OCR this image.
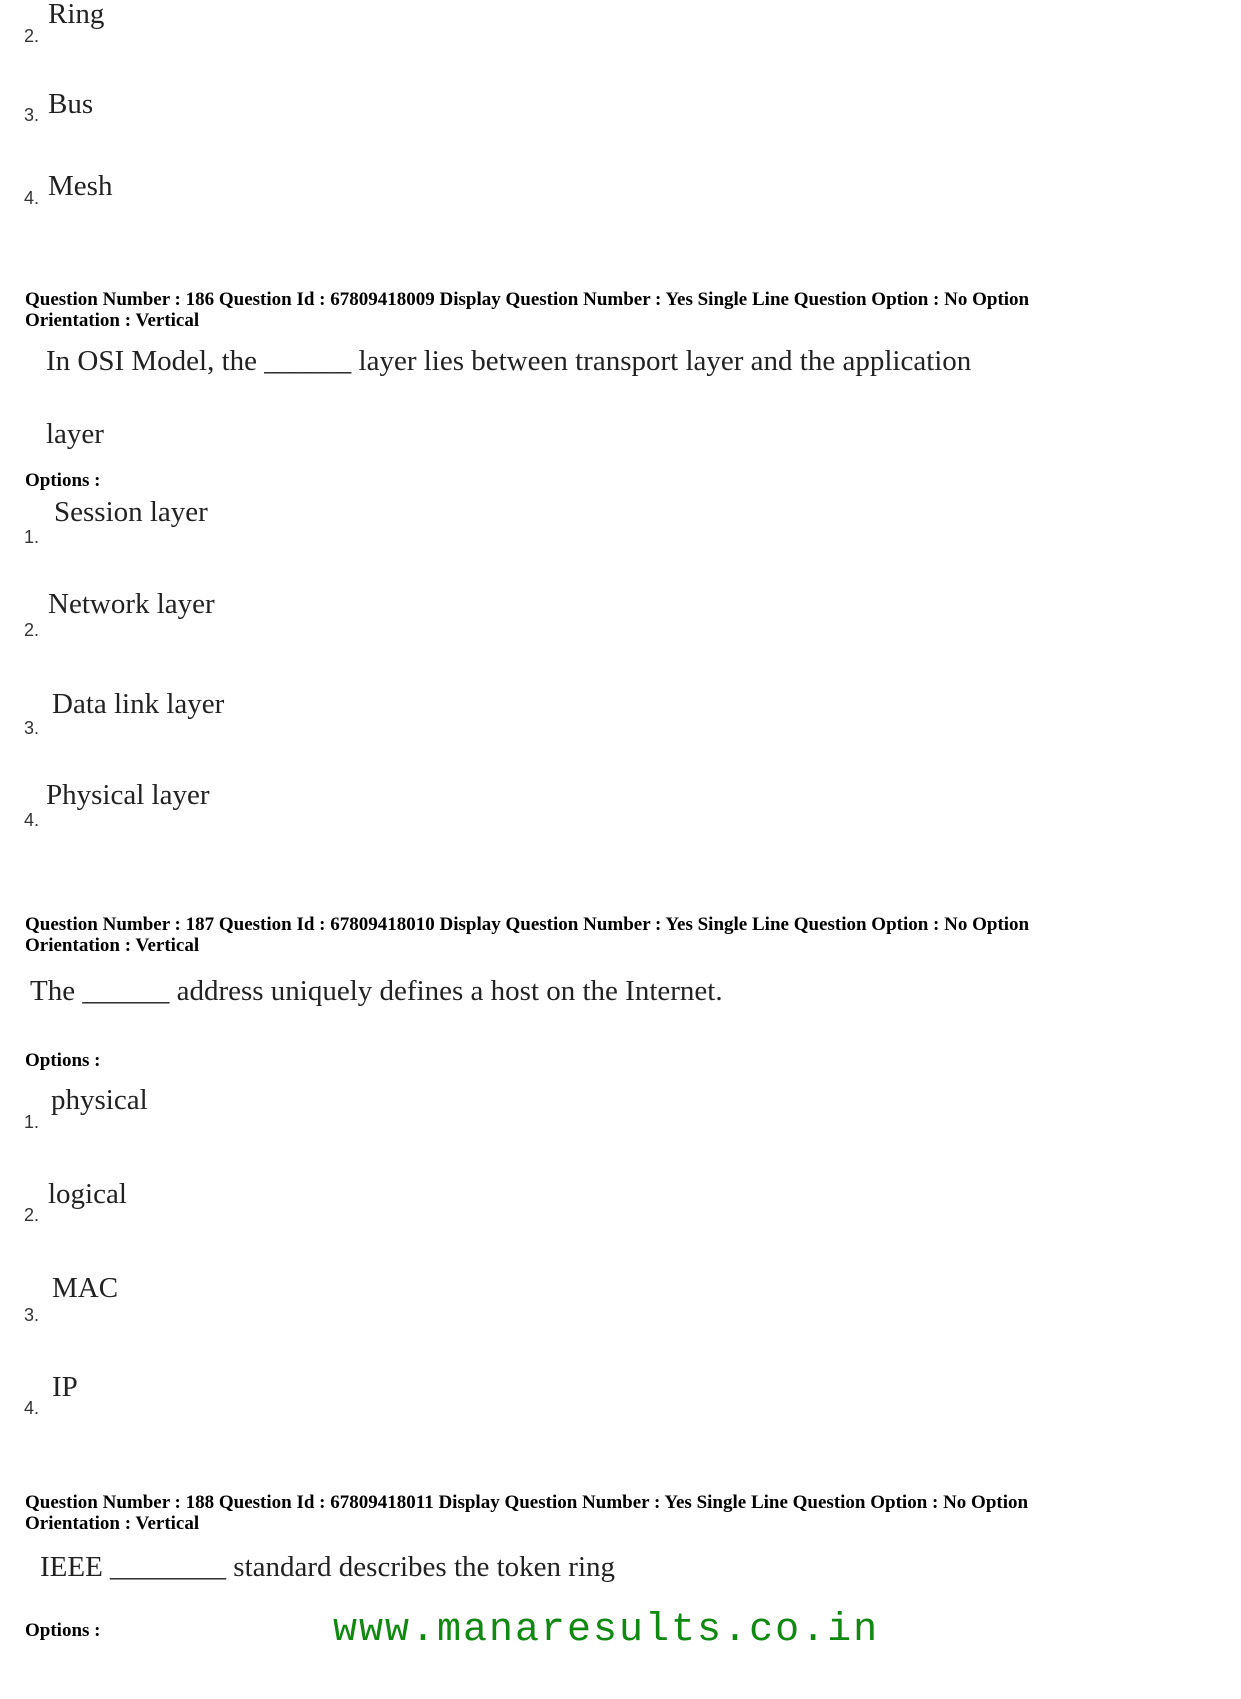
2.
Ring
3. Bus
4. Mesh
Question Number : 186 Question Id : 67809418009 Display Question Number : Yes Single Line Question Option : No Option
Orientation : Vertical
In OSI Model, the ______ layer lies between transport layer and the application
layer
Options :
1.
Session layer
2.
Network layer
3.
Data link layer
4.
Physical layer
Question Number : 187 Question Id : 67809418010 Display Question Number : Yes Single Line Question Option : No Option
Orientation : Vertical
The ______ address uniquely defines a host on the Internet.
Options :
1.
physical
2.
logical
3.
MAC
4.
IP
Question Number : 188 Question Id : 67809418011 Display Question Number : Yes Single Line Question Option : No Option
Orientation : Vertical
IEEE ________ standard describes the token ring
Options :	www.manaresults.co.in
